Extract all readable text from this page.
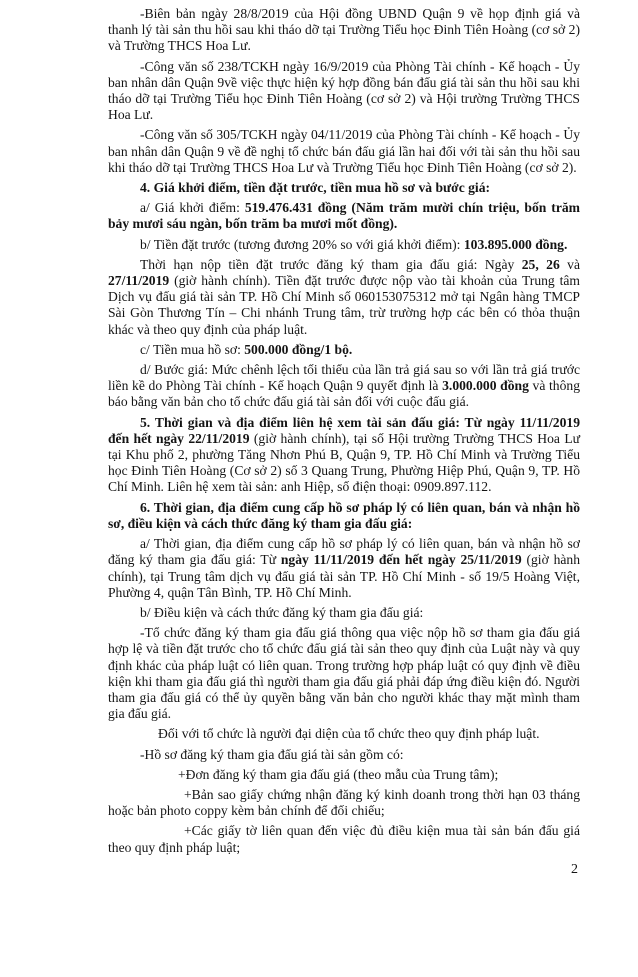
-Biên bản ngày 28/8/2019 của Hội đồng UBND Quận 9 về họp định giá và thanh lý tài sản thu hồi sau khi tháo dỡ tại Trường Tiểu học Đinh Tiên Hoàng (cơ sở 2) và Trường THCS Hoa Lư.

-Công văn số 238/TCKH ngày 16/9/2019 của Phòng Tài chính - Kế hoạch - Ủy ban nhân dân Quận 9về việc thực hiện ký hợp đồng bán đấu giá tài sản thu hồi sau khi tháo dỡ tại Trường Tiểu học Đinh Tiên Hoàng (cơ sở 2) và Hội trường Trường THCS Hoa Lư.

-Công văn số 305/TCKH ngày 04/11/2019 của Phòng Tài chính - Kế hoạch - Ủy ban nhân dân Quận 9 về đề nghị tổ chức bán đấu giá lần hai đối với tài sản thu hồi sau khi tháo dỡ tại Trường THCS Hoa Lư và Trường Tiểu học Đinh Tiên Hoàng (cơ sở 2).

4. Giá khởi điểm, tiền đặt trước, tiền mua hồ sơ và bước giá:

a/ Giá khởi điểm: 519.476.431 đồng (Năm trăm mười chín triệu, bốn trăm bảy mươi sáu ngàn, bốn trăm ba mươi mốt đồng).

b/ Tiền đặt trước (tương đương 20% so với giá khởi điểm): 103.895.000 đồng.

Thời hạn nộp tiền đặt trước đăng ký tham gia đấu giá: Ngày 25, 26 và 27/11/2019 (giờ hành chính). Tiền đặt trước được nộp vào tài khoản của Trung tâm Dịch vụ đấu giá tài sản TP. Hồ Chí Minh số 060153075312 mở tại Ngân hàng TMCP Sài Gòn Thương Tín – Chi nhánh Trung tâm, trừ trường hợp các bên có thỏa thuận khác và theo quy định của pháp luật.

c/ Tiền mua hồ sơ: 500.000 đồng/1 bộ.

d/ Bước giá: Mức chênh lệch tối thiểu của lần trả giá sau so với lần trả giá trước liền kề do Phòng Tài chính - Kế hoạch Quận 9 quyết định là 3.000.000 đồng và thông báo bằng văn bản cho tổ chức đấu giá tài sản đối với cuộc đấu giá.

5. Thời gian và địa điểm liên hệ xem tài sản đấu giá: Từ ngày 11/11/2019 đến hết ngày 22/11/2019 (giờ hành chính), tại số Hội trường Trường THCS Hoa Lư tại Khu phố 2, phường Tăng Nhơn Phú B, Quận 9, TP. Hồ Chí Minh và Trường Tiểu học Đinh Tiên Hoàng (Cơ sở 2) số 3 Quang Trung, Phường Hiệp Phú, Quận 9, TP. Hồ Chí Minh. Liên hệ xem tài sản: anh Hiệp, số điện thoại: 0909.897.112.

6. Thời gian, địa điểm cung cấp hồ sơ pháp lý có liên quan, bán và nhận hồ sơ, điều kiện và cách thức đăng ký tham gia đấu giá:

a/ Thời gian, địa điểm cung cấp hồ sơ pháp lý có liên quan, bán và nhận hồ sơ đăng ký tham gia đấu giá: Từ ngày 11/11/2019 đến hết ngày 25/11/2019 (giờ hành chính), tại Trung tâm dịch vụ đấu giá tài sản TP. Hồ Chí Minh - số 19/5 Hoàng Việt, Phường 4, quận Tân Bình, TP. Hồ Chí Minh.

b/ Điều kiện và cách thức đăng ký tham gia đấu giá:

-Tổ chức đăng ký tham gia đấu giá thông qua việc nộp hồ sơ tham gia đấu giá hợp lệ và tiền đặt trước cho tổ chức đấu giá tài sản theo quy định của Luật này và quy định khác của pháp luật có liên quan. Trong trường hợp pháp luật có quy định về điều kiện khi tham gia đấu giá thì người tham gia đấu giá phải đáp ứng điều kiện đó. Người tham gia đấu giá có thể ủy quyền bằng văn bản cho người khác thay mặt mình tham gia đấu giá.

Đối với tổ chức là người đại diện của tổ chức theo quy định pháp luật.

-Hồ sơ đăng ký tham gia đấu giá tài sản gồm có:

+Đơn đăng ký tham gia đấu giá (theo mẫu của Trung tâm);

+Bản sao giấy chứng nhận đăng ký kinh doanh trong thời hạn 03 tháng hoặc bản photo coppy kèm bản chính để đối chiếu;

+Các giấy tờ liên quan đến việc đủ điều kiện mua tài sản bán đấu giá theo quy định pháp luật;

2
